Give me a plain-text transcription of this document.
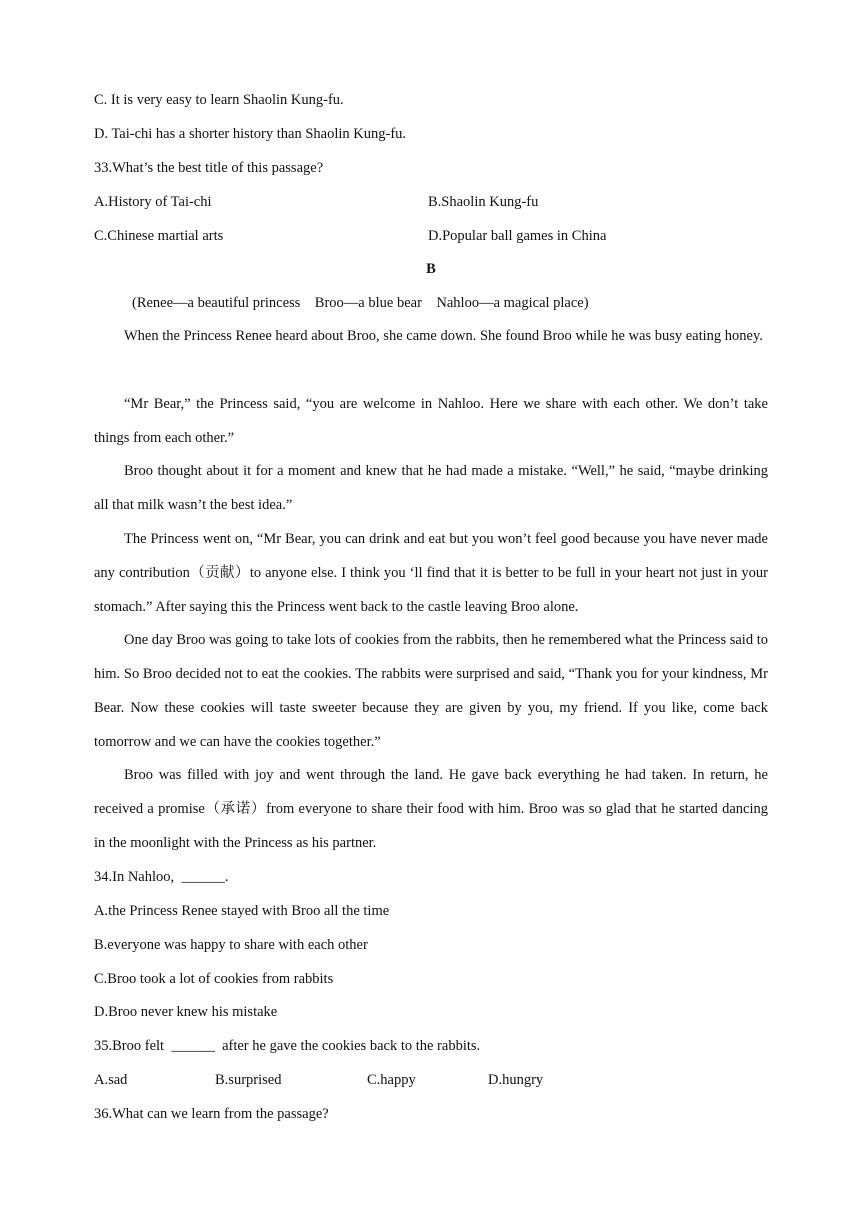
C. It is very easy to learn Shaolin Kung-fu.
D. Tai-chi has a shorter history than Shaolin Kung-fu.
33.What’s the best title of this passage?
A.History of Tai-chi	B.Shaolin Kung-fu
C.Chinese martial arts	D.Popular ball games in China
B
(Renee—a beautiful princess    Broo—a blue bear    Nahloo—a magical place)

When the Princess Renee heard about Broo, she came down. She found Broo while he was busy eating honey.

“Mr Bear,” the Princess said, “you are welcome in Nahloo. Here we share with each other. We don’t take things from each other.”

Broo thought about it for a moment and knew that he had made a mistake. “Well,” he said, “maybe drinking all that milk wasn’t the best idea.”

The Princess went on, “Mr Bear, you can drink and eat but you won’t feel good because you have never made any contribution（贡献）to anyone else. I think you ‘ll find that it is better to be full in your heart not just in your stomach.” After saying this the Princess went back to the castle leaving Broo alone.

One day Broo was going to take lots of cookies from the rabbits, then he remembered what the Princess said to him. So Broo decided not to eat the cookies. The rabbits were surprised and said, “Thank you for your kindness, Mr Bear. Now these cookies will taste sweeter because they are given by you, my friend. If you like, come back tomorrow and we can have the cookies together.”

Broo was filled with joy and went through the land. He gave back everything he had taken. In return, he received a promise（承诺）from everyone to share their food with him. Broo was so glad that he started dancing in the moonlight with the Princess as his partner.

34.In Nahloo,  ______.
A.the Princess Renee stayed with Broo all the time
B.everyone was happy to share with each other
C.Broo took a lot of cookies from rabbits
D.Broo never knew his mistake
35.Broo felt  ______  after he gave the cookies back to the rabbits.
A.sad	B.surprised	C.happy	D.hungry
36.What can we learn from the passage?
